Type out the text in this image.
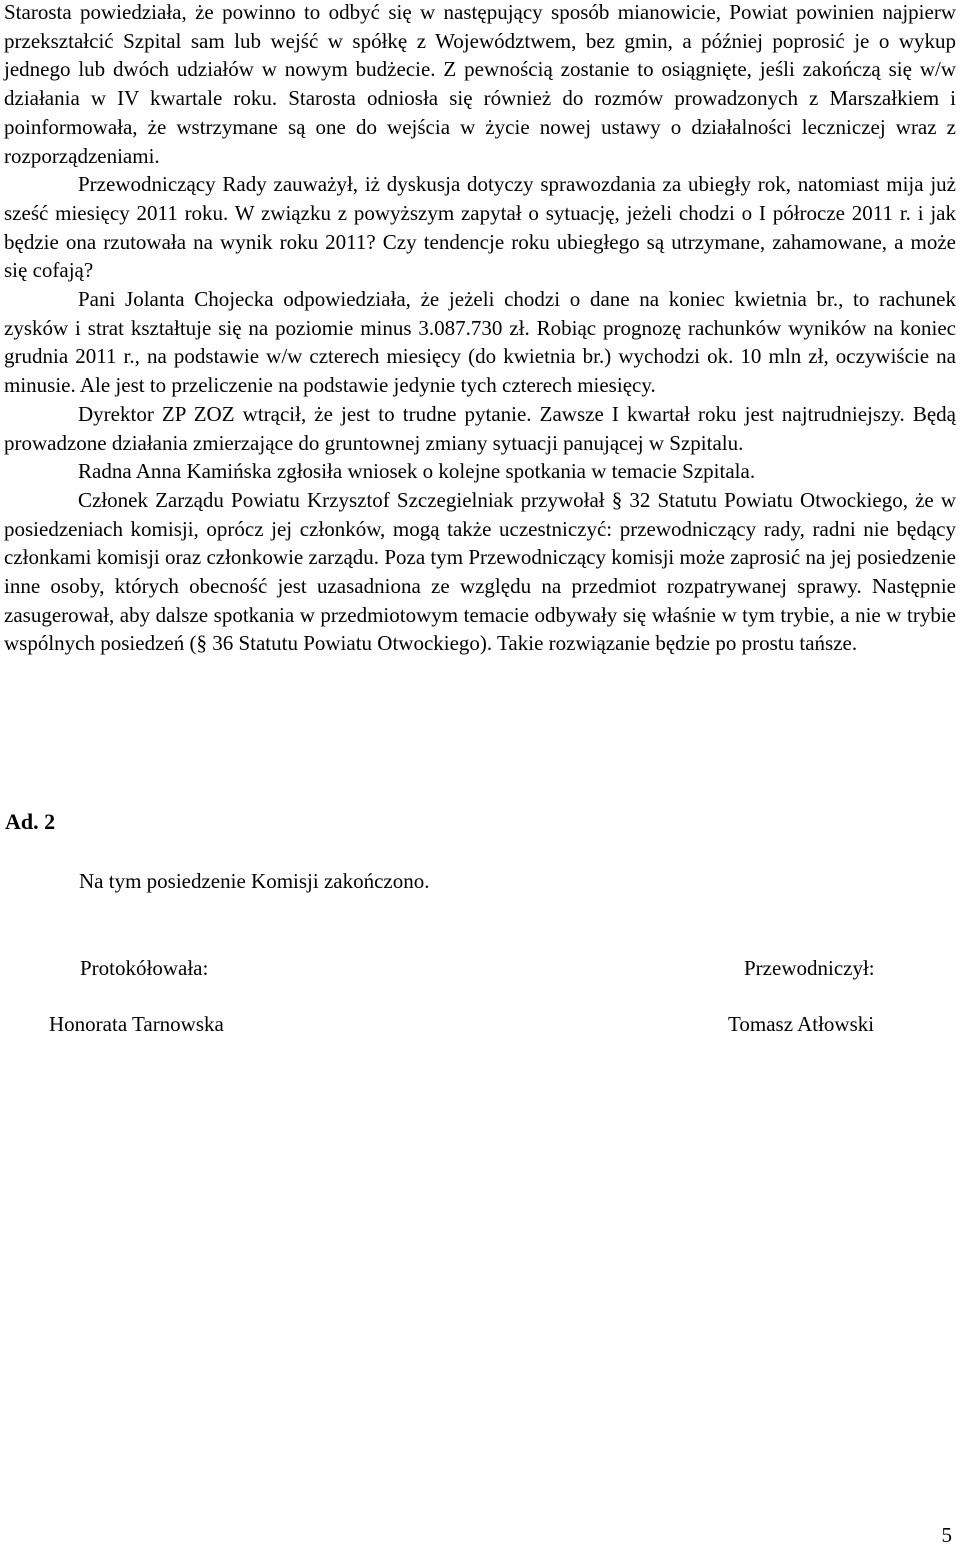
Starosta powiedziała, że powinno to odbyć się w następujący sposób mianowicie, Powiat powinien najpierw przekształcić Szpital sam lub wejść w spółkę z Województwem, bez gmin, a później poprosić je o wykup jednego lub dwóch udziałów w nowym budżecie. Z pewnością zostanie to osiągnięte, jeśli zakończą się w/w działania w IV kwartale roku. Starosta odniosła się również do rozmów prowadzonych z Marszałkiem i poinformowała, że wstrzymane są one do wejścia w życie nowej ustawy o działalności leczniczej wraz z rozporządzeniami.

Przewodniczący Rady zauważył, iż dyskusja dotyczy sprawozdania za ubiegły rok, natomiast mija już sześć miesięcy 2011 roku. W związku z powyższym zapytał o sytuację, jeżeli chodzi o I półrocze 2011 r. i jak będzie ona rzutowała na wynik roku 2011? Czy tendencje roku ubiegłego są utrzymane, zahamowane, a może się cofają?

Pani Jolanta Chojecka odpowiedziała, że jeżeli chodzi o dane na koniec kwietnia br., to rachunek zysków i strat kształtuje się na poziomie minus 3.087.730 zł. Robiąc prognozę rachunków wyników na koniec grudnia 2011 r., na podstawie w/w czterech miesięcy (do kwietnia br.) wychodzi ok. 10 mln zł, oczywiście na minusie. Ale jest to przeliczenie na podstawie jedynie tych czterech miesięcy.

Dyrektor ZP ZOZ wtrącił, że jest to trudne pytanie. Zawsze I kwartał roku jest najtrudniejszy. Będą prowadzone działania zmierzające do gruntownej zmiany sytuacji panującej w Szpitalu.

Radna Anna Kamińska zgłosiła wniosek o kolejne spotkania w temacie Szpitala.

Członek Zarządu Powiatu Krzysztof Szczegielniak przywołał § 32 Statutu Powiatu Otwockiego, że w posiedzeniach komisji, oprócz jej członków, mogą także uczestniczyć: przewodniczący rady, radni nie będący członkami komisji oraz członkowie zarządu. Poza tym Przewodniczący komisji może zaprosić na jej posiedzenie inne osoby, których obecność jest uzasadniona ze względu na przedmiot rozpatrywanej sprawy. Następnie zasugerował, aby dalsze spotkania w przedmiotowym temacie odbywały się właśnie w tym trybie, a nie w trybie wspólnych posiedzeń (§ 36 Statutu Powiatu Otwockiego). Takie rozwiązanie będzie po prostu tańsze.

Ad. 2

Na tym posiedzenie Komisji zakończono.

Protokółowała:
Honorata Tarnowska
Przewodniczył:
Tomasz Atłowski
5
